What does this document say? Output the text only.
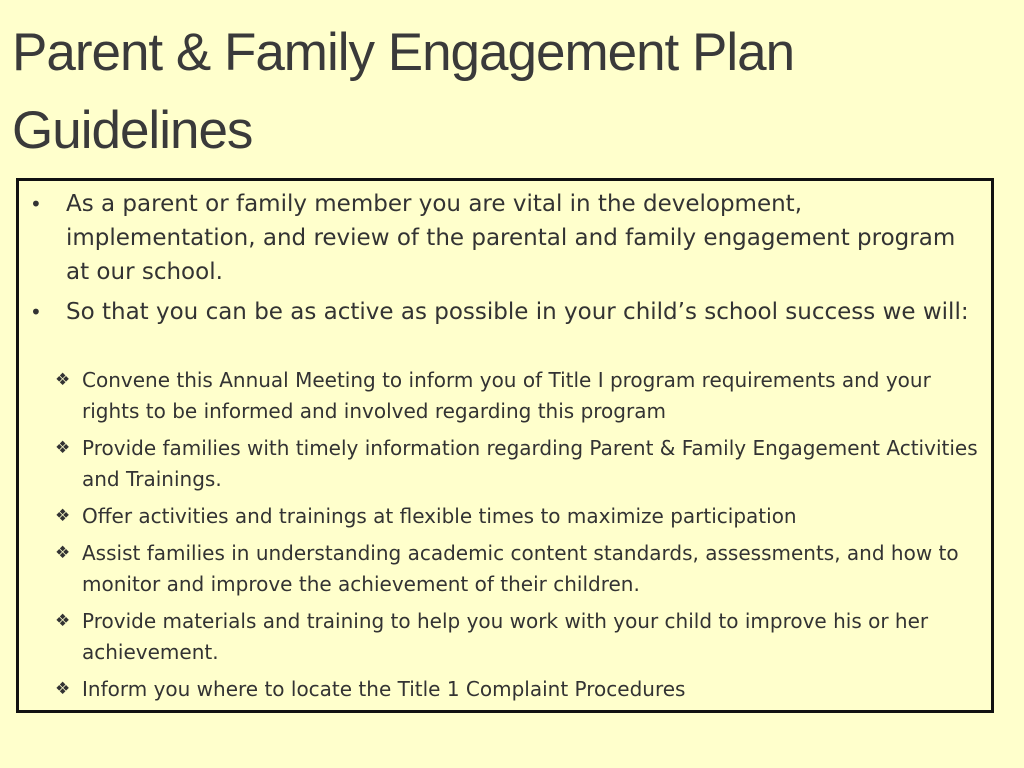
Parent & Family Engagement Plan Guidelines
• As a parent or family member you are vital in the development, implementation, and review of the parental and family engagement program at our school.
• So that you can be as active as possible in your child’s school success we will:
❖ Convene this Annual Meeting to inform you of Title I program requirements and your rights to be informed and involved regarding this program
❖ Provide families with timely information regarding Parent & Family Engagement Activities and Trainings.
❖ Offer activities and trainings at flexible times to maximize participation
❖ Assist families in understanding academic content standards, assessments, and how to monitor and improve the achievement of their children.
❖ Provide materials and training to help you work with your child to improve his or her achievement.
❖ Inform you where to locate the Title 1 Complaint Procedures
